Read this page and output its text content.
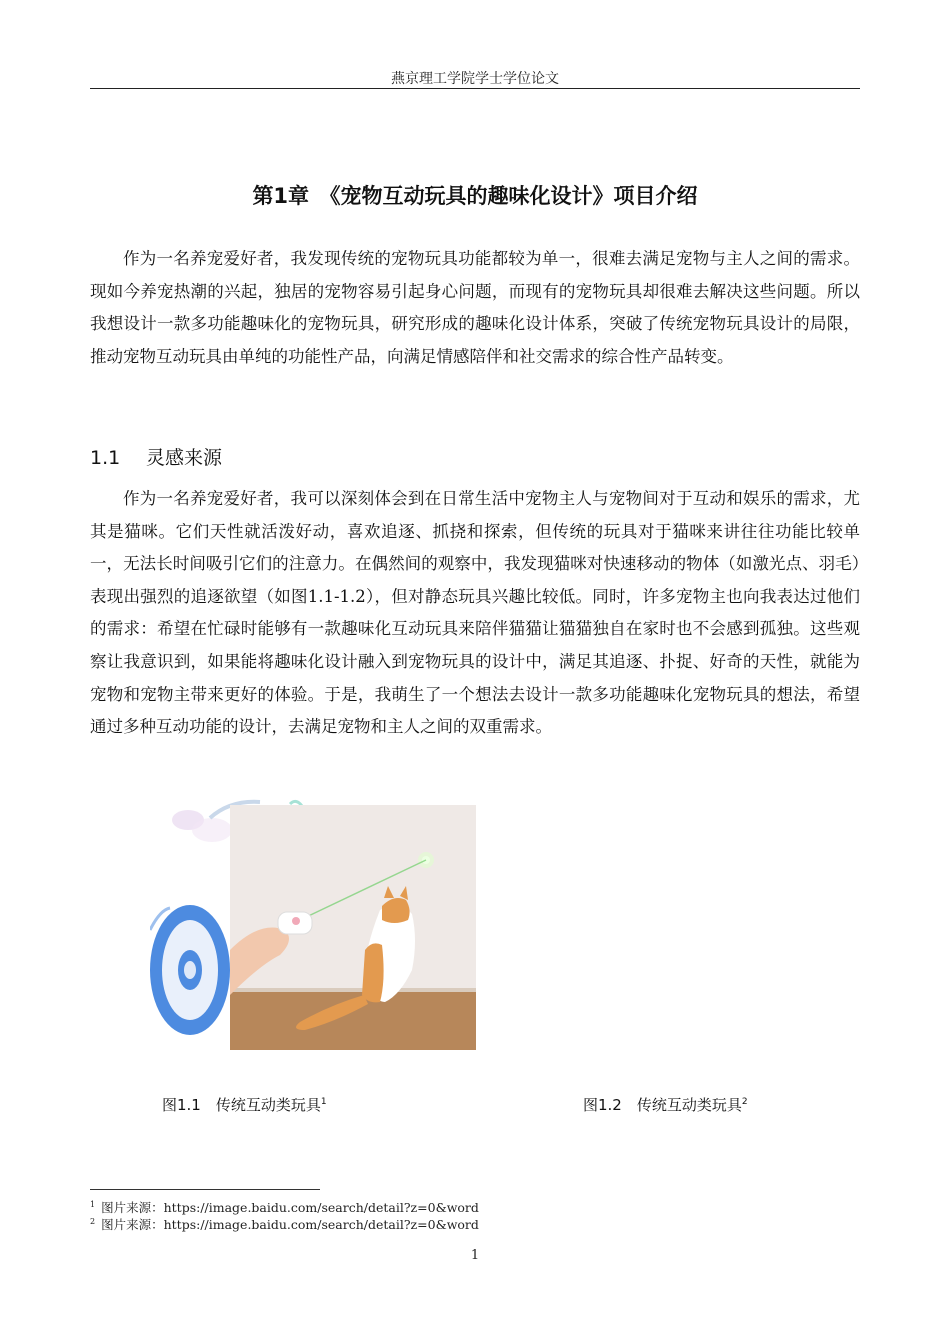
燕京理工学院学士学位论文
第1章　《宠物互动玩具的趣味化设计》项目介绍

作为一名养宠爱好者，我发现传统的宠物玩具功能都较为单一，很难去满足宠物与主人之间的需求。现如今养宠热潮的兴起，独居的宠物容易引起身心问题，而现有的宠物玩具却很难去解决这些问题。所以我想设计一款多功能趣味化的宠物玩具，研究形成的趣味化设计体系，突破了传统宠物玩具设计的局限，推动宠物互动玩具由单纯的功能性产品，向满足情感陪伴和社交需求的综合性产品转变。

1.1 灵感来源

作为一名养宠爱好者，我可以深刻体会到在日常生活中宠物主人与宠物间对于互动和娱乐的需求，尤其是猫咪。它们天性就活泼好动，喜欢追逐、抓挠和探索，但传统的玩具对于猫咪来讲往往功能比较单一，无法长时间吸引它们的注意力。在偶然间的观察中，我发现猫咪对快速移动的物体（如激光点、羽毛）表现出强烈的追逐欲望（如图1.1-1.2），但对静态玩具兴趣比较低。同时，许多宠物主也向我表达过他们的需求：希望在忙碌时能够有一款趣味化互动玩具来陪伴猫猫让猫猫独自在家时也不会感到孤独。这些观察让我意识到，如果能将趣味化设计融入到宠物玩具的设计中，满足其追逐、扑捉、好奇的天性，就能为宠物和宠物主带来更好的体验。于是，我萌生了一个想法去设计一款多功能趣味化宠物玩具的想法，希望通过多种互动功能的设计，去满足宠物和主人之间的双重需求。

图1.1　传统互动类玩具$^1$	图1.2　传统互动类玩具$^2$
$^1$ 图片来源：https://image.baidu.com/search/detail?z=0&word
$^2$ 图片来源：https://image.baidu.com/search/detail?z=0&word
1
